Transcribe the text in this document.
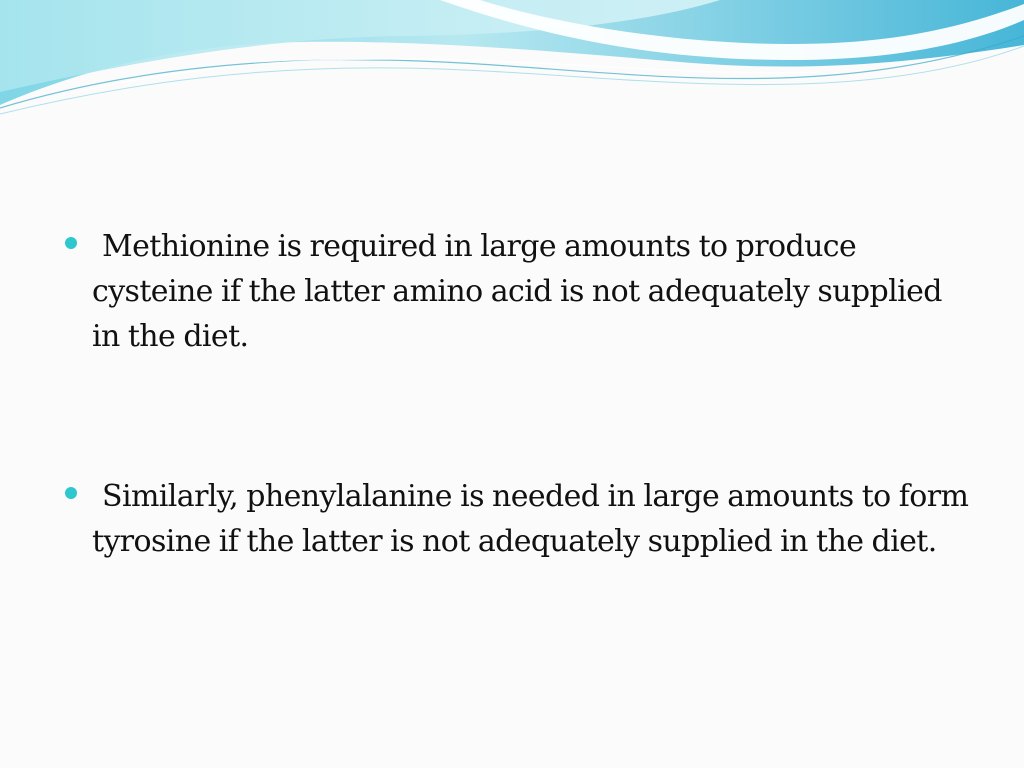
Methionine is required in large amounts to produce cysteine if the latter amino acid is not adequately supplied in the diet.

Similarly, phenylalanine is needed in large amounts to form tyrosine if the latter is not adequately supplied in the diet.
